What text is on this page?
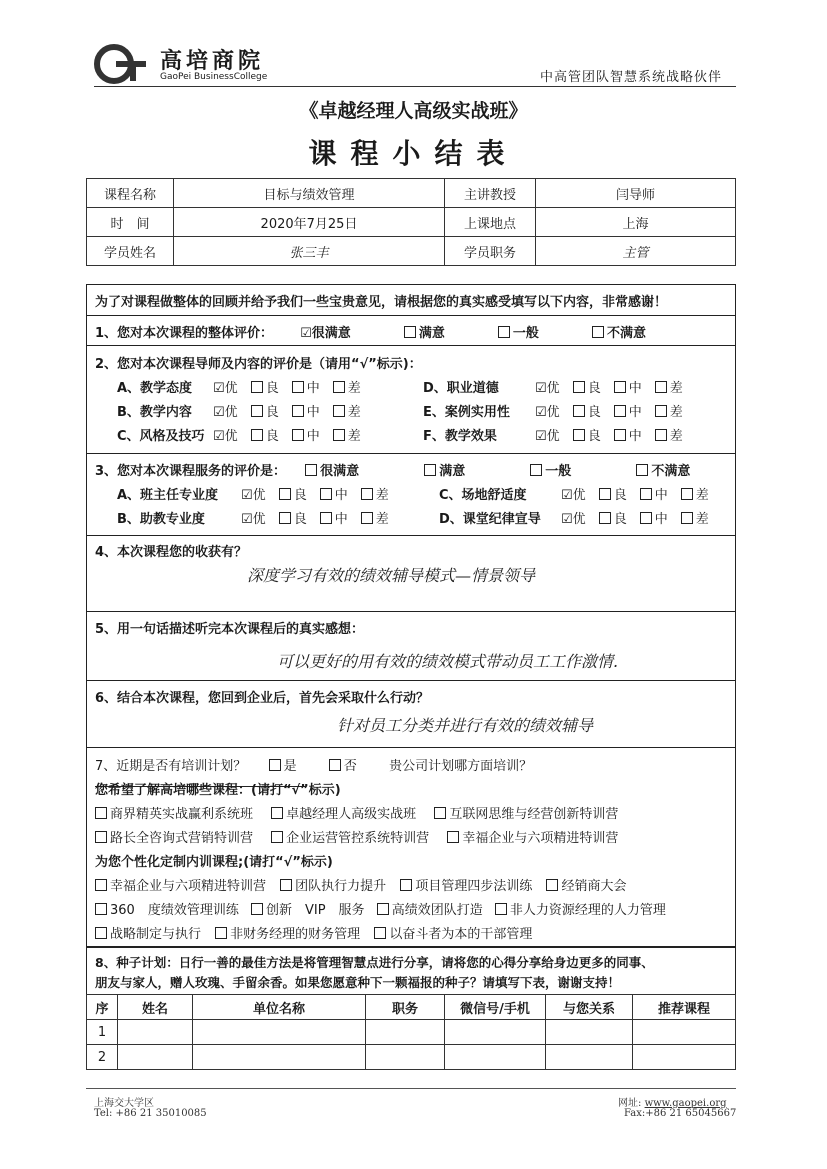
高培商院
GaoPei BusinessCollege	中高管团队智慧系统战略伙伴
《卓越经理人高级实战班》
课程小结表
课程名称	目标与绩效管理	主讲教授	闫导师
时　间	2020年7月25日	上课地点	上海
学员姓名	张三丰	学员职务	主管
为了对课程做整体的回顾并给予我们一些宝贵意见，请根据您的真实感受填写以下内容，非常感谢！
1、您对本次课程的整体评价： ☑很满意	满意	一般	不满意
2、您对本次课程导师及内容的评价是（请用“√”标示)：
A、教学态度 ☑优　 良　 中　 差	D、职业道德	☑优　 良　 中　 差
B、教学内容 ☑优　 良　 中　 差	E、案例实用性 ☑优　 良　 中　 差
C、风格及技巧 ☑优　 良　 中　 差	F、教学效果	☑优　 良　 中　 差
3、您对本次课程服务的评价是：	很满意	满意	一般	不满意
A、班主任专业度 ☑优　 良　 中　 差	C、场地舒适度	☑优　 良　 中　 差
B、助教专业度	☑优　 良　 中　 差	D、课堂纪律宣导 ☑优　 良　 中　 差
4、本次课程您的收获有？
深度学习有效的绩效辅导模式—情景领导
5、用一句话描述听完本次课程后的真实感想：
可以更好的用有效的绩效模式带动员工工作激情.
6、结合本次课程，您回到企业后，首先会采取什么行动？
针对员工分类并进行有效的绩效辅导
7、近期是否有培训计划？	是	否 贵公司计划哪方面培训？
您希望了解高培哪些课程：(请打“√”标示)
商界精英实战赢利系统班	卓越经理人高级实战班	互联网思维与经营创新特训营
路长全咨询式营销特训营	企业运营管控系统特训营	幸福企业与六项精进特训营
为您个性化定制内训课程;(请打“√”标示)
幸福企业与六项精进特训营 团队执行力提升 项目管理四步法训练 经销商大会
360　度绩效管理训练 创新　VIP　服务 高绩效团队打造 非人力资源经理的人力管理
战略制定与执行 非财务经理的财务管理 以奋斗者为本的干部管理
8、种子计划：日行一善的最佳方法是将管理智慧点进行分享，请将您的心得分享给身边更多的同事、
朋友与家人，赠人玫瑰、手留余香。如果您愿意种下一颗福报的种子？请填写下表，谢谢支持！
序	姓名	单位名称	职务	微信号/手机	与您关系	推荐课程
1						
2						
上海交大学区
Tel: +86 21 35010085
网址: www.gaopei.org
Fax:+86 21 65045667
